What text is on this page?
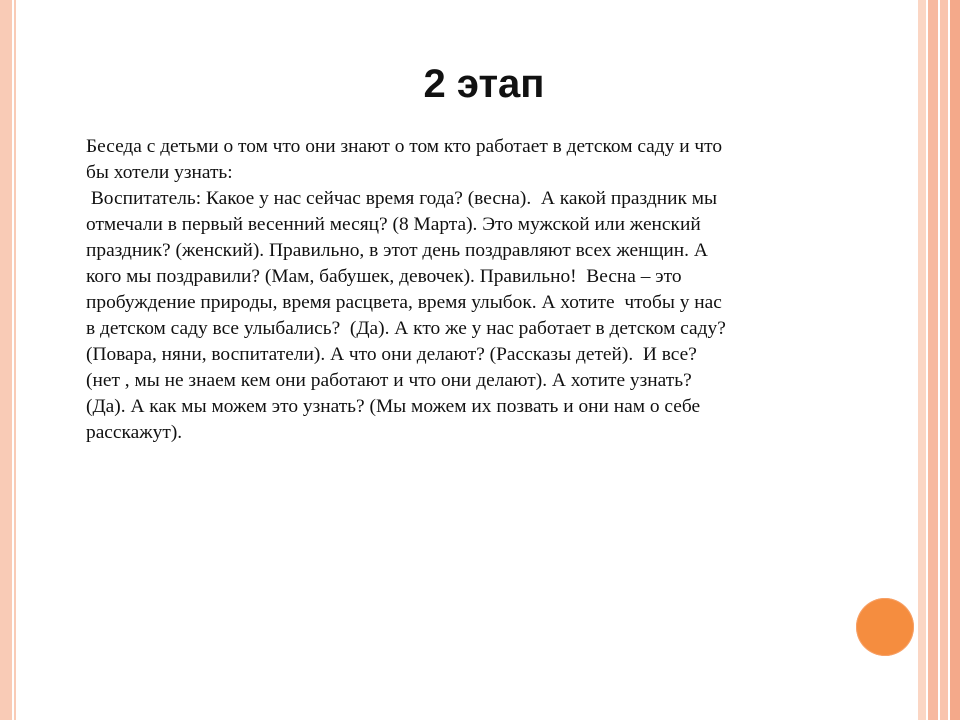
2 этап
Беседа с детьми о том что они знают о том кто работает в детском саду и что
бы хотели узнать:
Воспитатель: Какое у нас сейчас время года? (весна).  А какой праздник мы
отмечали в первый весенний месяц? (8 Марта). Это мужской или женский
праздник? (женский). Правильно, в этот день поздравляют всех женщин. А
кого мы поздравили? (Мам, бабушек, девочек). Правильно!  Весна – это
пробуждение природы, время расцвета, время улыбок. А хотите  чтобы у нас
в детском саду все улыбались?  (Да). А кто же у нас работает в детском саду?
(Повара, няни, воспитатели). А что они делают? (Рассказы детей).  И все?
(нет , мы не знаем кем они работают и что они делают). А хотите узнать?
(Да). А как мы можем это узнать? (Мы можем их позвать и они нам о себе
расскажут).
